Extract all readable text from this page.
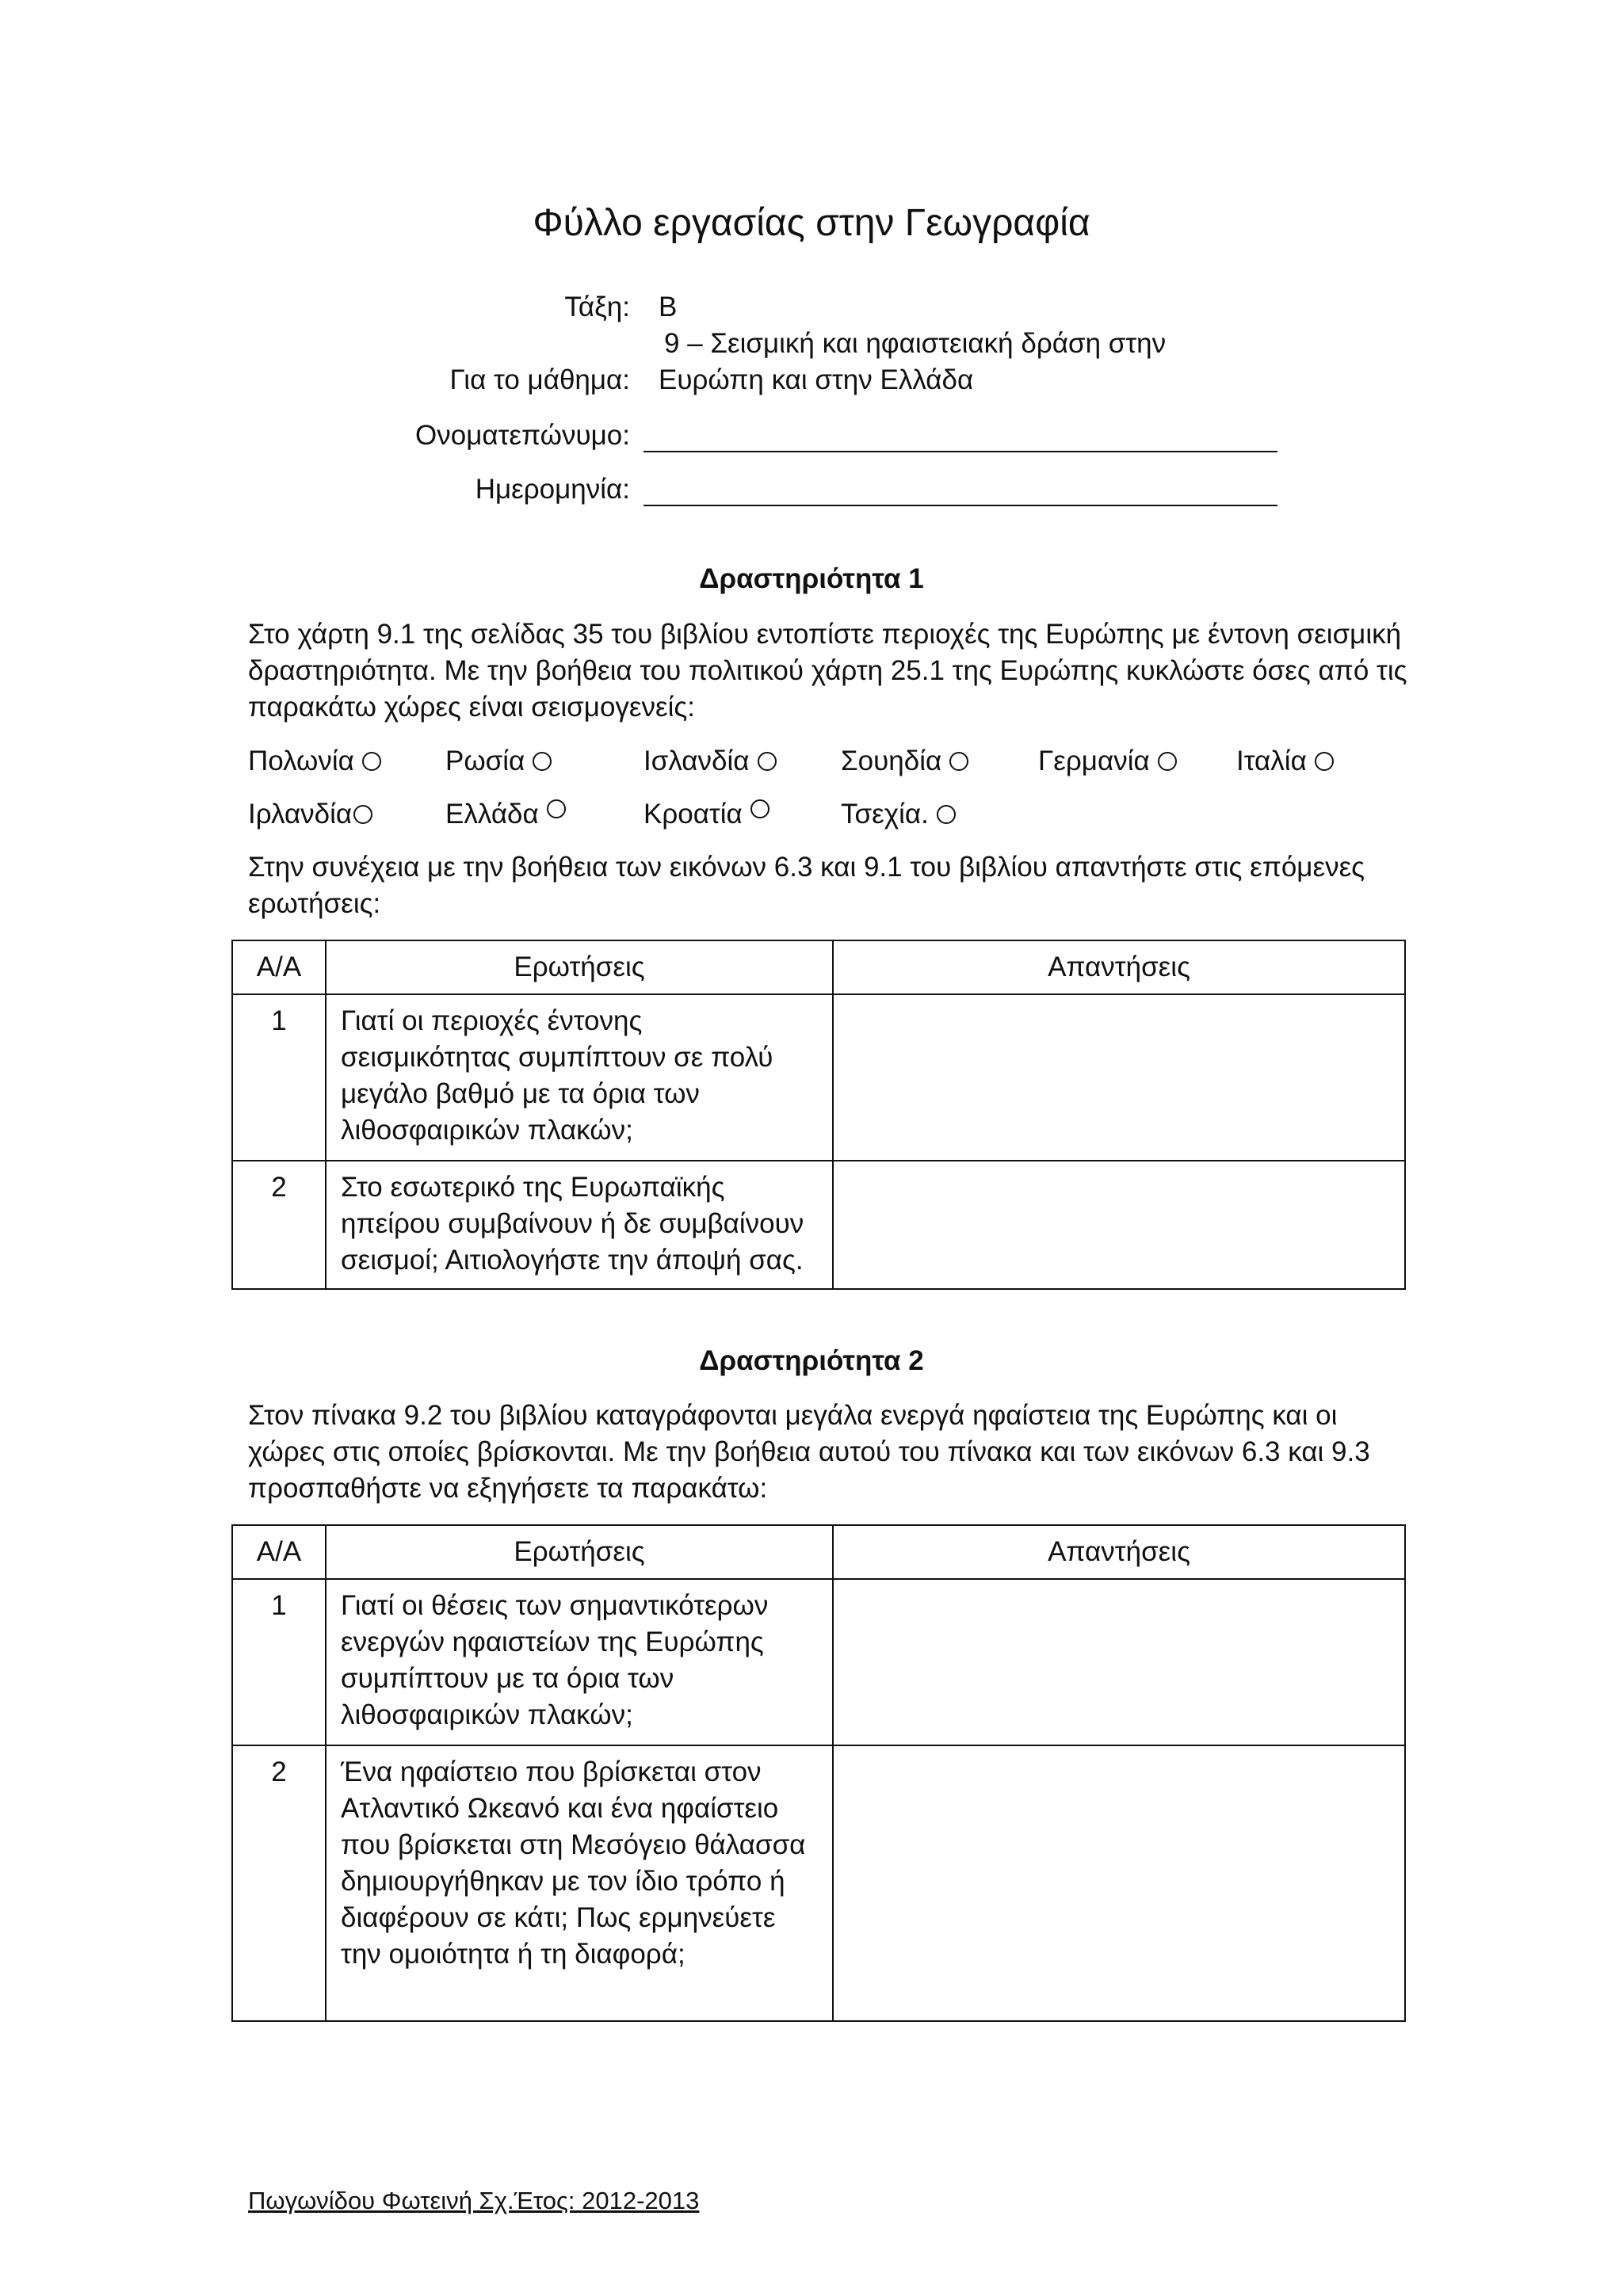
Φύλλο εργασίας στην Γεωγραφία
Τάξη: Β
9 – Σεισμική και ηφαιστειακή δράση στην
Για το μάθημα: Ευρώπη και στην Ελλάδα
Ονοματεπώνυμο:
Ημερομηνία:
Δραστηριότητα 1
Στο χάρτη 9.1 της σελίδας 35 του βιβλίου εντοπίστε περιοχές της Ευρώπης με έντονη σεισμική δραστηριότητα. Με την βοήθεια του πολιτικού χάρτη 25.1 της Ευρώπης κυκλώστε όσες από τις παρακάτω χώρες είναι σεισμογενείς:
Πολωνία	Ρωσία	Ισλανδία	Σουηδία	Γερμανία	Ιταλία
Ιρλανδία	Ελλάδα	Κροατία	Τσεχία.
Στην συνέχεια με την βοήθεια των εικόνων 6.3 και 9.1 του βιβλίου απαντήστε στις επόμενες ερωτήσεις:
Α/Α	Ερωτήσεις	Απαντήσεις
1	Γιατί οι περιοχές έντονης σεισμικότητας συμπίπτουν σε πολύ μεγάλο βαθμό με τα όρια των λιθοσφαιρικών πλακών;	
2	Στο εσωτερικό της Ευρωπαϊκής ηπείρου συμβαίνουν ή δε συμβαίνουν σεισμοί; Αιτιολογήστε την άποψή σας.	
Δραστηριότητα 2
Στον πίνακα 9.2 του βιβλίου καταγράφονται μεγάλα ενεργά ηφαίστεια της Ευρώπης και οι χώρες στις οποίες βρίσκονται. Με την βοήθεια αυτού του πίνακα και των εικόνων 6.3 και 9.3 προσπαθήστε να εξηγήσετε τα παρακάτω:
Α/Α	Ερωτήσεις	Απαντήσεις
1	Γιατί οι θέσεις των σημαντικότερων ενεργών ηφαιστείων της Ευρώπης συμπίπτουν με τα όρια των λιθοσφαιρικών πλακών;	
2	Ένα ηφαίστειο που βρίσκεται στον Ατλαντικό Ωκεανό και ένα ηφαίστειο που βρίσκεται στη Μεσόγειο θάλασσα δημιουργήθηκαν με τον ίδιο τρόπο ή διαφέρουν σε κάτι; Πως ερμηνεύετε την ομοιότητα ή τη διαφορά;	
Πωγωνίδου Φωτεινή Σχ.Έτος: 2012-2013
